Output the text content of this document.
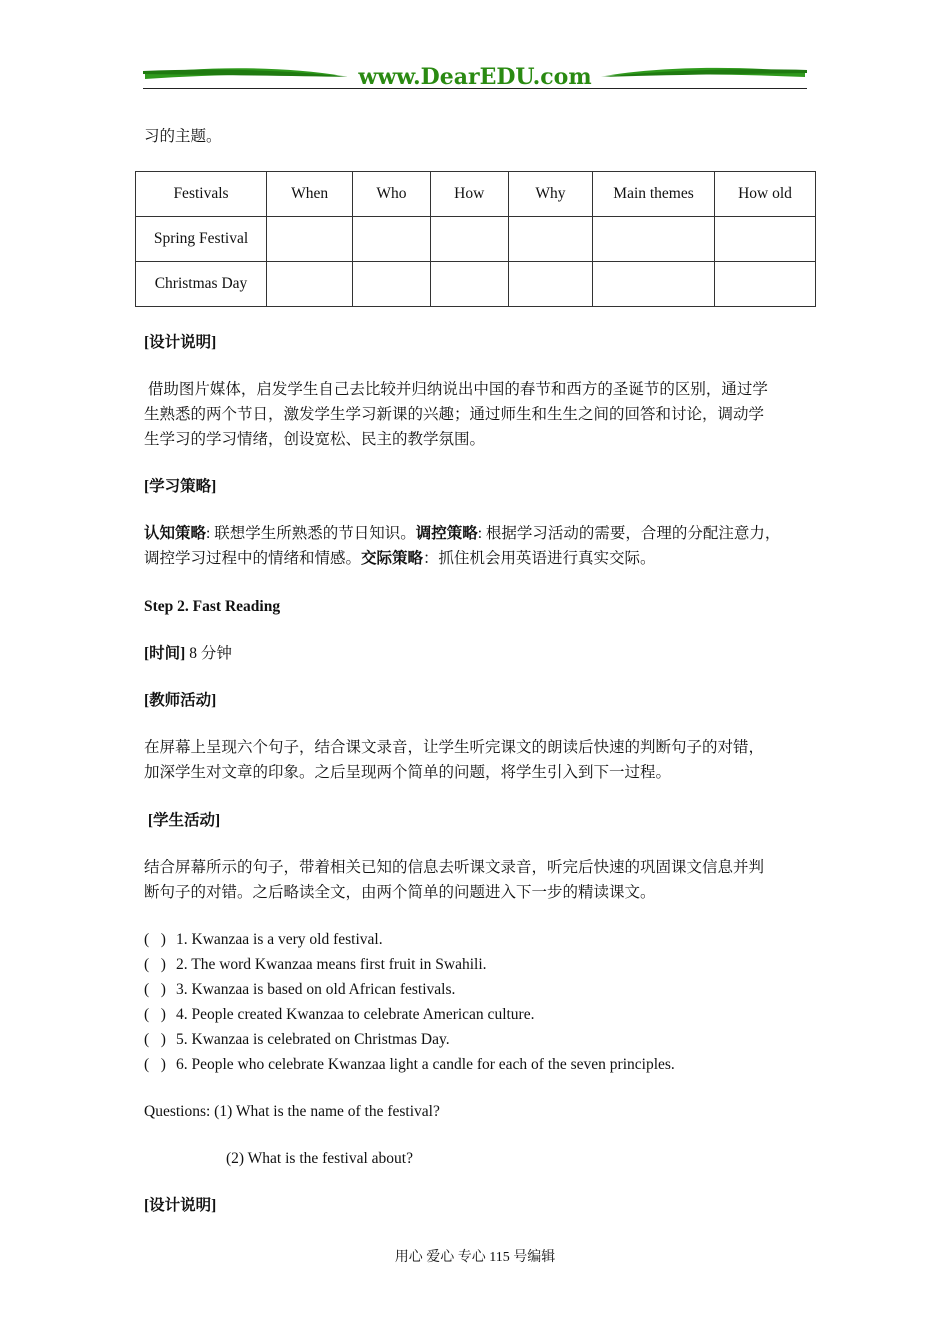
www.DearEDU.com
习的主题。
Festivals	When	Who	How	Why	Main themes	How old
Spring Festival						
Christmas Day						
[设计说明]
借助图片媒体，启发学生自己去比较并归纳说出中国的春节和西方的圣诞节的区别，通过学
生熟悉的两个节日，激发学生学习新课的兴趣；通过师生和生生之间的回答和讨论，调动学
生学习的学习情绪，创设宽松、民主的教学氛围。
[学习策略]
认知策略: 联想学生所熟悉的节日知识。调控策略: 根据学习活动的需要，合理的分配注意力，
调控学习过程中的情绪和情感。交际策略：抓住机会用英语进行真实交际。
Step 2. Fast Reading
[时间] 8 分钟
[教师活动]
在屏幕上呈现六个句子，结合课文录音，让学生听完课文的朗读后快速的判断句子的对错，
加深学生对文章的印象。之后呈现两个简单的问题，将学生引入到下一过程。
[学生活动]
结合屏幕所示的句子，带着相关已知的信息去听课文录音，听完后快速的巩固课文信息并判
断句子的对错。之后略读全文，由两个简单的问题进入下一步的精读课文。
(   ) 1. Kwanzaa is a very old festival.
(   ) 2. The word Kwanzaa means first fruit in Swahili.
(   ) 3. Kwanzaa is based on old African festivals.
(   ) 4. People created Kwanzaa to celebrate American culture.
(   ) 5. Kwanzaa is celebrated on Christmas Day.
(   ) 6. People who celebrate Kwanzaa light a candle for each of the seven principles.
Questions: (1) What is the name of the festival?
(2) What is the festival about?
[设计说明]
用心 爱心 专心 115 号编辑
